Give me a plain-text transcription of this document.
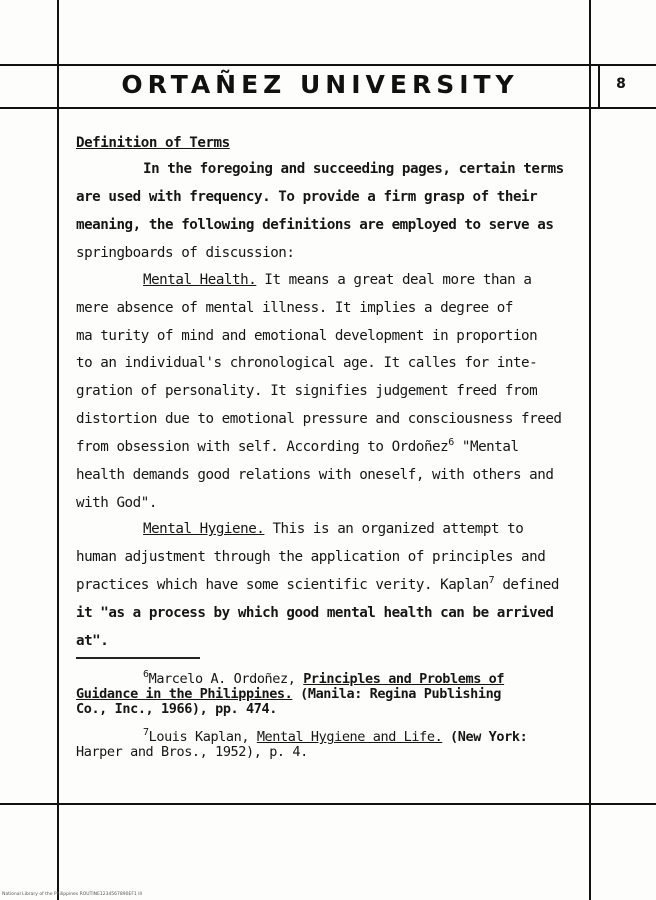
ORTAÑEZ UNIVERSITY	8
Definition of Terms
In the foregoing and succeeding pages, certain terms
are used with frequency. To provide a firm grasp of their
meaning, the following definitions are employed to serve as
springboards of discussion:
Mental Health. It means a great deal more than a
mere absence of mental illness. It implies a degree of
ma turity of mind and emotional development in proportion
to an individual's chronological age. It calles for inte-
gration of personality. It signifies judgement freed from
distortion due to emotional pressure and consciousness freed
from obsession with self. According to Ordoñez$^6$ "Mental
health demands good relations with oneself, with others and
with God".
Mental Hygiene. This is an organized attempt to
human adjustment through the application of principles and
practices which have some scientific verity. Kaplan$^7$ defined
it "as a process by which good mental health can be arrived
at".
$^6$Marcelo A. Ordoñez, Principles and Problems of
Guidance in the Philippines. (Manila: Regina Publishing
Co., Inc., 1966), pp. 474.
$^7$Louis Kaplan, Mental Hygiene and Life. (New York:
Harper and Bros., 1952), p. 4.
National Library of the Philippines ROUTINE1234567890EF1 lll
